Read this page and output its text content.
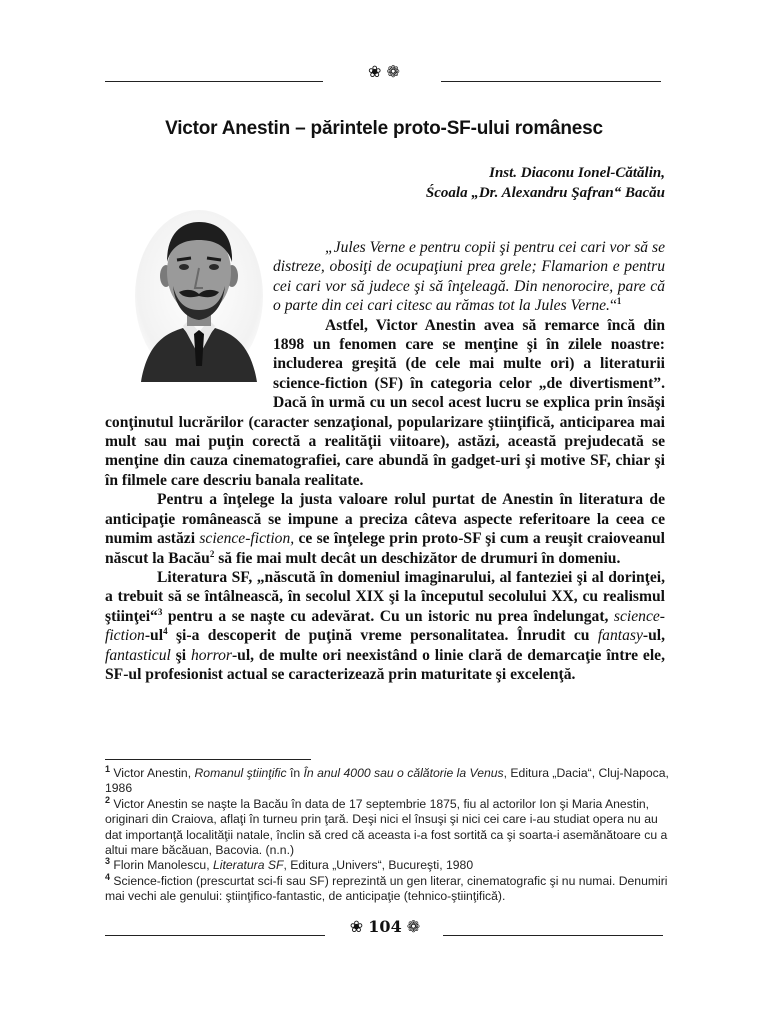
❀ ❁
Victor Anestin – părintele proto-SF-ului românesc
Inst. Diaconu Ionel-Cătălin,
Ścoala „Dr. Alexandru Şafran“ Bacău

„Jules Verne e pentru copii şi pentru cei cari vor să se distreze, obosiţi de ocupaţiuni prea grele; Flamarion e pentru cei cari vor să judece şi să înţeleagă. Din nenorocire, pare că o parte din cei cari citesc au rămas tot la Jules Verne.“$^1$

Astfel, Victor Anestin avea să remarce încă din 1898 un fenomen care se menţine şi în zilele noastre: includerea greşită (de cele mai multe ori) a literaturii science-fiction (SF) în categoria celor „de divertisment”. Dacă în urmă cu un secol acest lucru se explica prin însăşi conţinutul lucrărilor (caracter senzaţional, popularizare ştiinţifică, anticiparea mai mult sau mai puţin corectă a realităţii viitoare), astăzi, această prejudecată se menţine din cauza cinematografiei, care abundă în gadget-uri şi motive SF, chiar şi în filmele care descriu banala realitate.

Pentru a înţelege la justa valoare rolul purtat de Anestin în literatura de anticipaţie românească se impune a preciza câteva aspecte referitoare la ceea ce numim astăzi science-fiction, ce se înţelege prin proto-SF şi cum a reuşit craioveanul născut la Bacău$^2$ să fie mai mult decât un deschizător de drumuri în domeniu.

Literatura SF, „născută în domeniul imaginarului, al fanteziei şi al dorinţei, a trebuit să se întâlnească, în secolul XIX şi la începutul secolului XX, cu realismul ştiinţei“$^3$ pentru a se naşte cu adevărat. Cu un istoric nu prea îndelungat, science-$fiction-ul^4$ şi-a descoperit de puţină vreme personalitatea. Înrudit cu fantasy-ul, fantasticul şi horror-ul, de multe ori neexistând o linie clară de demarcaţie între ele, SF-ul profesionist actual se caracterizează prin maturitate şi excelenţă.

$^1$ Victor Anestin, Romanul ştiinţific în În anul 4000 sau o călătorie la Venus, Editura „Dacia“, Cluj-Napoca, 1986

$^2$ Victor Anestin se naşte la Bacău în data de 17 septembrie 1875, fiu al actorilor Ion şi Maria Anestin, originari din Craiova, aflaţi în turneu prin ţară. Deşi nici el însuşi şi nici cei care i-au studiat opera nu au dat importanţă localităţii natale, înclin să cred că aceasta i-a fost sortită ca şi soarta-i asemănătoare cu a altui mare băcăuan, Bacovia. (n.n.)

$^3$ Florin Manolescu, Literatura SF, Editura „Univers“, Bucureşti, 1980

$^4$ Science-fiction (prescurtat sci-fi sau SF) reprezintă un gen literar, cinematografic şi nu numai. Denumiri mai vechi ale genului: ştiinţifico-fantastic, de anticipaţie (tehnico-ştiinţifică).

❀ 104 ❁
